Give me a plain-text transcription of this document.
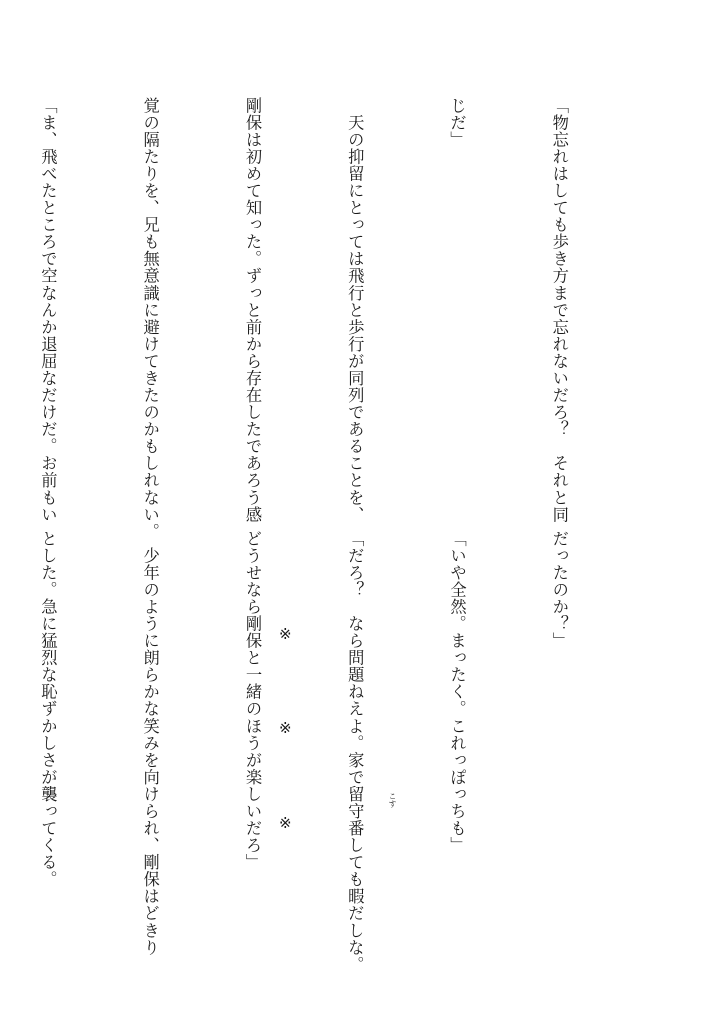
「物忘れはしても歩き方まで忘れないだろ？　それと同

じだ」

　天の抑留にとっては飛行と歩行が同列であることを、

剛保は初めて知った。ずっと前から存在したであろう感

覚の隔たりを、兄も無意識に避けてきたのかもしれない。

「ま、飛べたところで空なんか退屈なだけだ。お前もい

だったのか？」

「いや全然。まったく。これっぽっちも」

「だろ？　なら問題ねえよ。家で留守番しても暇だしな。

どうせなら剛保と一緒のほうが楽しいだろ」

　少年のように朗らかな笑みを向けられ、剛保はどきり

とした。急に猛烈な恥ずかしさが襲ってくる。

	こす
※
※
※
